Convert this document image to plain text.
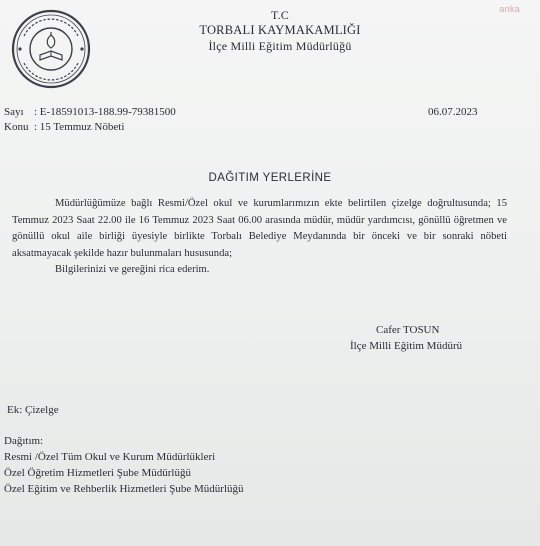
anka
T.C
TORBALI KAYMAKAMLIĞI
İlçe Milli Eğitim Müdürlüğü
Sayı : E-18591013-188.99-79381500
Konu : 15 Temmuz Nöbeti
06.07.2023
DAĞITIM YERLERİNE
Müdürlüğümüze bağlı Resmi/Özel okul ve kurumlarımızın ekte belirtilen çizelge doğrultusunda; 15 Temmuz 2023 Saat 22.00 ile 16 Temmuz 2023 Saat 06.00 arasında müdür, müdür yardımcısı, gönüllü öğretmen ve gönüllü okul aile birliği üyesiyle birlikte Torbalı Belediye Meydanında bir önceki ve bir sonraki nöbeti aksatmayacak şekilde hazır bulunmaları hususunda;
Bilgilerinizi ve gereğini rica ederim.
Cafer TOSUN
İlçe Milli Eğitim Müdürü
Ek: Çizelge
Dağıtım:
Resmi /Özel Tüm Okul ve Kurum Müdürlükleri
Özel Öğretim Hizmetleri Şube Müdürlüğü
Özel Eğitim ve Rehberlik Hizmetleri Şube Müdürlüğü
